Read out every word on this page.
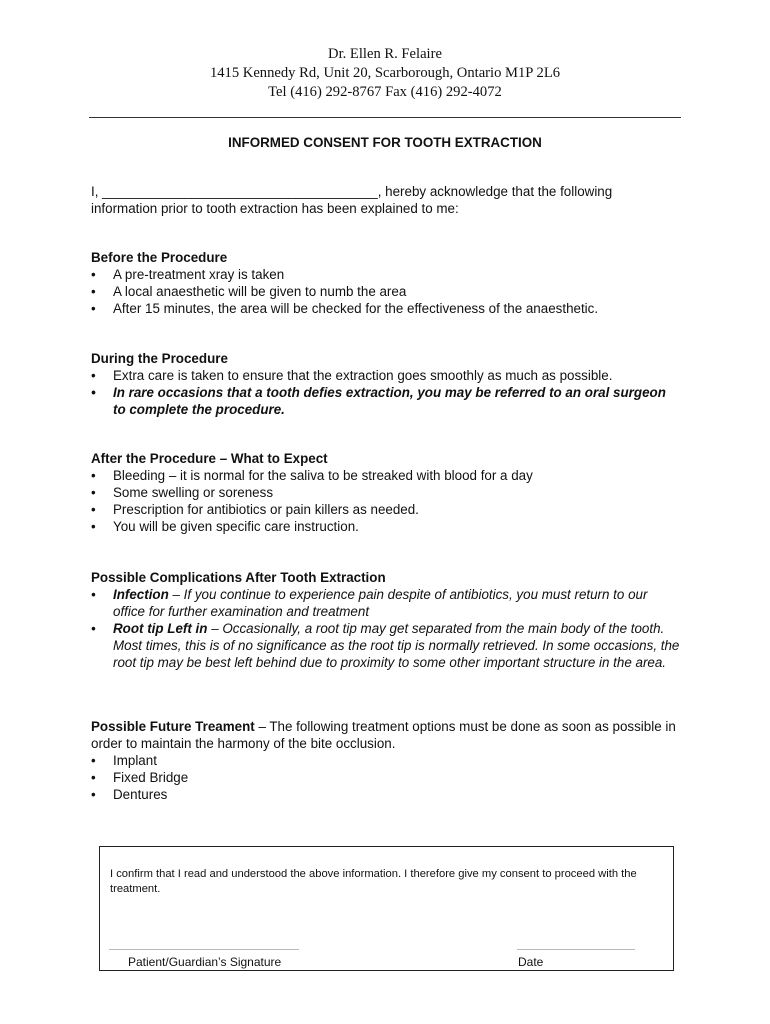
Dr. Ellen R. Felaire
1415 Kennedy Rd, Unit 20, Scarborough, Ontario M1P 2L6
Tel (416) 292-8767 Fax (416) 292-4072
INFORMED CONSENT FOR TOOTH EXTRACTION
I, _____________________________________, hereby acknowledge that the following
information prior to tooth extraction has been explained to me:
Before the Procedure
• A pre-treatment xray is taken
• A local anaesthetic will be given to numb the area
• After 15 minutes, the area will be checked for the effectiveness of the anaesthetic.
During the Procedure
• Extra care is taken to ensure that the extraction goes smoothly as much as possible.
• In rare occasions that a tooth defies extraction, you may be referred to an oral surgeon to complete the procedure.
After the Procedure – What to Expect
• Bleeding – it is normal for the saliva to be streaked with blood for a day
• Some swelling or soreness
• Prescription for antibiotics or pain killers as needed.
• You will be given specific care instruction.
Possible Complications After Tooth Extraction
• Infection – If you continue to experience pain despite of antibiotics, you must return to our office for further examination and treatment
• Root tip Left in – Occasionally, a root tip may get separated from the main body of the tooth. Most times, this is of no significance as the root tip is normally retrieved. In some occasions, the root tip may be best left behind due to proximity to some other important structure in the area.
Possible Future Treament – The following treatment options must be done as soon as possible in order to maintain the harmony of the bite occlusion.
• Implant
• Fixed Bridge
• Dentures
I confirm that I read and understood the above information. I therefore give my consent to proceed with the treatment.
Patient/Guardian’s Signature	Date
